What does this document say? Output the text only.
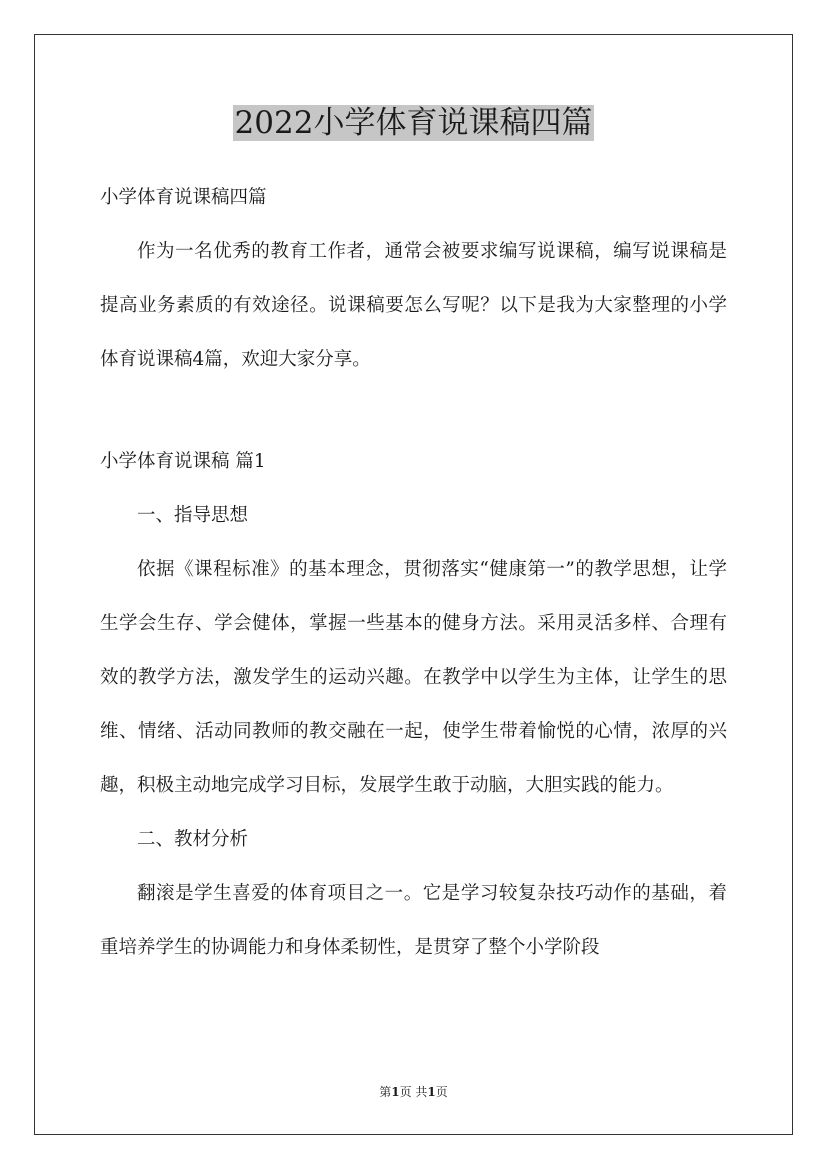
2022小学体育说课稿四篇

小学体育说课稿四篇

作为一名优秀的教育工作者，通常会被要求编写说课稿，编写说课稿是提高业务素质的有效途径。说课稿要怎么写呢？以下是我为大家整理的小学体育说课稿4篇，欢迎大家分享。

小学体育说课稿 篇1

一、指导思想

依据《课程标准》的基本理念，贯彻落实“健康第一”的教学思想，让学生学会生存、学会健体，掌握一些基本的健身方法。采用灵活多样、合理有效的教学方法，激发学生的运动兴趣。在教学中以学生为主体，让学生的思维、情绪、活动同教师的教交融在一起，使学生带着愉悦的心情，浓厚的兴趣，积极主动地完成学习目标，发展学生敢于动脑，大胆实践的能力。

二、教材分析

翻滚是学生喜爱的体育项目之一。它是学习较复杂技巧动作的基础，着重培养学生的协调能力和身体柔韧性，是贯穿了整个小学阶段

第1页 共1页
